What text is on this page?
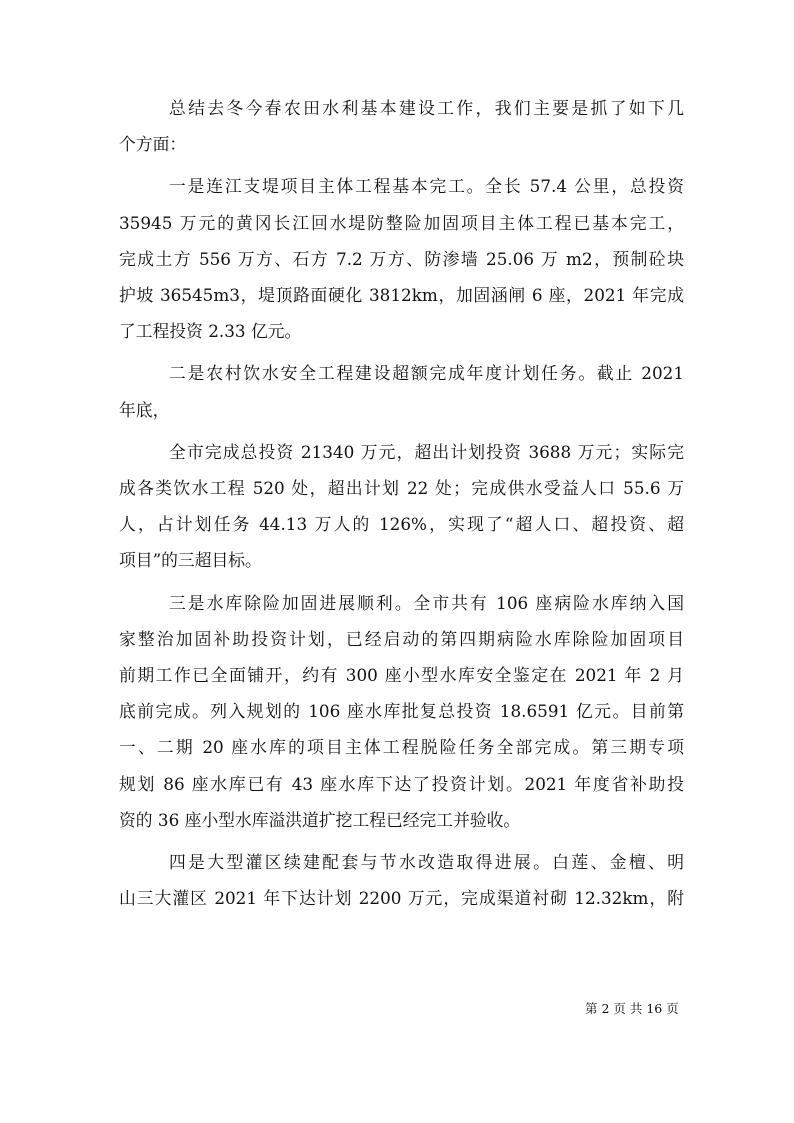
总结去冬今春农田水利基本建设工作，我们主要是抓了如下几
个方面：

一是连江支堤项目主体工程基本完工。全长 57.4 公里，总投资
35945 万元的黄冈长江回水堤防整险加固项目主体工程已基本完工，
完成土方 556 万方、石方 7.2 万方、防渗墙 25.06 万 m2，预制砼块
护坡 36545m3，堤顶路面硬化 3812km，加固涵闸 6 座，2021 年完成
了工程投资 2.33 亿元。

二是农村饮水安全工程建设超额完成年度计划任务。截止 2021
年底，

全市完成总投资 21340 万元，超出计划投资 3688 万元；实际完
成各类饮水工程 520 处，超出计划 22 处；完成供水受益人口 55.6 万
人，占计划任务 44.13 万人的 126%，实现了“超人口、超投资、超
项目”的三超目标。

三是水库除险加固进展顺利。全市共有 106 座病险水库纳入国
家整治加固补助投资计划，已经启动的第四期病险水库除险加固项目
前期工作已全面铺开，约有 300 座小型水库安全鉴定在 2021 年 2 月
底前完成。列入规划的 106 座水库批复总投资 18.6591 亿元。目前第
一、二期 20 座水库的项目主体工程脱险任务全部完成。第三期专项
规划 86 座水库已有 43 座水库下达了投资计划。2021 年度省补助投
资的 36 座小型水库溢洪道扩挖工程已经完工并验收。

四是大型灌区续建配套与节水改造取得进展。白莲、金檀、明
山三大灌区 2021 年下达计划 2200 万元，完成渠道衬砌 12.32km，附

第 2 页 共 16 页
